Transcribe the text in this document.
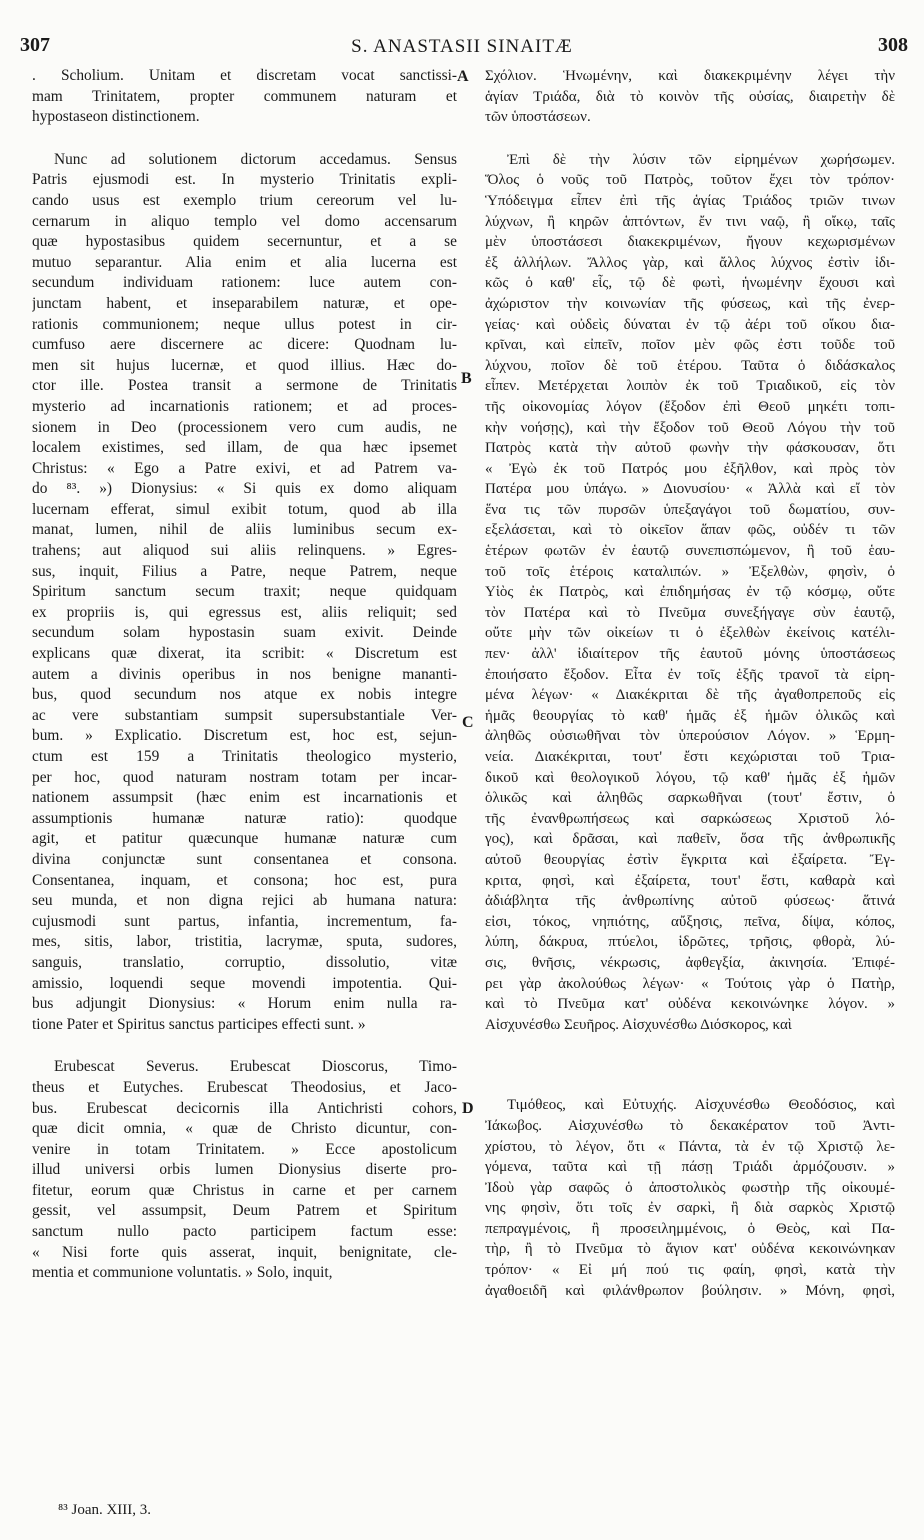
307	S. ANASTASII SINAITÆ	308
A
B
C
D
. Scholium. Unitam et discretam vocat sanctissi-
mam Trinitatem, propter communem naturam et
hypostaseon distinctionem.
Nunc ad solutionem dictorum accedamus. Sensus
Patris ejusmodi est. In mysterio Trinitatis expli-
cando usus est exemplo trium cereorum vel lu-
cernarum in aliquo templo vel domo accensarum
quæ hypostasibus quidem secernuntur, et a se
mutuo separantur. Alia enim et alia lucerna est
secundum individuam rationem: luce autem con-
junctam habent, et inseparabilem naturæ, et ope-
rationis communionem; neque ullus potest in cir-
cumfuso aere discernere ac dicere: Quodnam lu-
men sit hujus lucernæ, et quod illius. Hæc do-
ctor ille. Postea transit a sermone de Trinitatis
mysterio ad incarnationis rationem; et ad proces-
sionem in Deo (processionem vero cum audis, ne
localem existimes, sed illam, de qua hæc ipsemet
Christus: « Ego a Patre exivi, et ad Patrem va-
do ⁸³. ») Dionysius: « Si quis ex domo aliquam
lucernam efferat, simul exibit totum, quod ab illa
manat, lumen, nihil de aliis luminibus secum ex-
trahens; aut aliquod sui aliis relinquens. » Egres-
sus, inquit, Filius a Patre, neque Patrem, neque
Spiritum sanctum secum traxit; neque quidquam
ex propriis is, qui egressus est, aliis reliquit; sed
secundum solam hypostasin suam exivit. Deinde
explicans quæ dixerat, ita scribit: « Discretum est
autem a divinis operibus in nos benigne mananti-
bus, quod secundum nos atque ex nobis integre
ac vere substantiam sumpsit supersubstantiale Ver-
bum. » Explicatio. Discretum est, hoc est, sejun-
ctum est 159 a Trinitatis theologico mysterio,
per hoc, quod naturam nostram totam per incar-
nationem assumpsit (hæc enim est incarnationis et
assumptionis humanæ naturæ ratio): quodque
agit, et patitur quæcunque humanæ naturæ cum
divina conjunctæ sunt consentanea et consona.
Consentanea, inquam, et consona; hoc est, pura
seu munda, et non digna rejici ab humana natura:
cujusmodi sunt partus, infantia, incrementum, fa-
mes, sitis, labor, tristitia, lacrymæ, sputa, sudores,
sanguis, translatio, corruptio, dissolutio, vitæ
amissio, loquendi seque movendi impotentia. Qui-
bus adjungit Dionysius: « Horum enim nulla ra-
tione Pater et Spiritus sanctus participes effecti sunt. »
Erubescat Severus. Erubescat Dioscorus, Timo-
theus et Eutyches. Erubescat Theodosius, et Jaco-
bus. Erubescat decicornis illa Antichristi cohors,
quæ dicit omnia, « quæ de Christo dicuntur, con-
venire in totam Trinitatem. » Ecce apostolicum
illud universi orbis lumen Dionysius diserte pro-
fitetur, eorum quæ Christus in carne et per carnem
gessit, vel assumpsit, Deum Patrem et Spiritum
sanctum nullo pacto participem factum esse:
« Nisi forte quis asserat, inquit, benignitate, cle-
mentia et communione voluntatis. » Solo, inquit,
Σχόλιον. Ἡνωμένην, καὶ διακεκριμένην λέγει τὴν
ἁγίαν Τριάδα, διὰ τὸ κοινὸν τῆς οὐσίας, διαιρετὴν δὲ
τῶν ὑποστάσεων.
Ἐπὶ δὲ τὴν λύσιν τῶν εἰρημένων χωρήσωμεν.
Ὅλος ὁ νοῦς τοῦ Πατρὸς, τοῦτον ἔχει τὸν τρόπον·
Ὑπόδειγμα εἶπεν ἐπὶ τῆς ἁγίας Τριάδος τριῶν τινων
λύχνων, ἢ κηρῶν ἁπτόντων, ἔν τινι ναῷ, ἢ οἴκῳ, ταῖς
μὲν ὑποστάσεσι διακεκριμένων, ἤγουν κεχωρισμένων
ἐξ ἀλλήλων. Ἄλλος γὰρ, καὶ ἄλλος λύχνος ἐστὶν ἰδι-
κῶς ὁ καθ' εἷς, τῷ δὲ φωτὶ, ἡνωμένην ἔχουσι καὶ
ἀχώριστον τὴν κοινωνίαν τῆς φύσεως, καὶ τῆς ἐνερ-
γείας· καὶ οὐδεὶς δύναται ἐν τῷ ἀέρι τοῦ οἴκου δια-
κρῖναι, καὶ εἰπεῖν, ποῖον μὲν φῶς ἐστι τοῦδε τοῦ
λύχνου, ποῖον δὲ τοῦ ἑτέρου. Ταῦτα ὁ διδάσκαλος
εἶπεν. Μετέρχεται λοιπὸν ἐκ τοῦ Τριαδικοῦ, εἰς τὸν
τῆς οἰκονομίας λόγον (ἔξοδον ἐπὶ Θεοῦ μηκέτι τοπι-
κὴν νοήσῃς), καὶ τὴν ἔξοδον τοῦ Θεοῦ Λόγου τὴν τοῦ
Πατρὸς κατὰ τὴν αὐτοῦ φωνὴν τὴν φάσκουσαν, ὅτι
« Ἐγὼ ἐκ τοῦ Πατρός μου ἐξῆλθον, καὶ πρὸς τὸν
Πατέρα μου ὑπάγω. » Διονυσίου· « Ἀλλὰ καὶ εἴ τὸν
ἕνα τις τῶν πυρσῶν ὑπεξαγάγοι τοῦ δωματίου, συν-
εξελάσεται, καὶ τὸ οἰκεῖον ἅπαν φῶς, οὐδέν τι τῶν
ἑτέρων φωτῶν ἐν ἑαυτῷ συνεπισπώμενον, ἢ τοῦ ἑαυ-
τοῦ τοῖς ἑτέροις καταλιπών. » Ἐξελθὼν, φησὶν, ὁ
Υἱὸς ἐκ Πατρὸς, καὶ ἐπιδημήσας ἐν τῷ κόσμῳ, οὔτε
τὸν Πατέρα καὶ τὸ Πνεῦμα συνεξήγαγε σὺν ἑαυτῷ,
οὔτε μὴν τῶν οἰκείων τι ὁ ἐξελθὼν ἐκείνοις κατέλι-
πεν· ἀλλ' ἰδιαίτερον τῆς ἑαυτοῦ μόνης ὑποστάσεως
ἐποιήσατο ἔξοδον. Εἶτα ἐν τοῖς ἑξῆς τρανοῖ τὰ εἰρη-
μένα λέγων· « Διακέκριται δὲ τῆς ἀγαθοπρεποῦς εἰς
ἡμᾶς θεουργίας τὸ καθ' ἡμᾶς ἐξ ἡμῶν ὁλικῶς καὶ
ἀληθῶς οὐσιωθῆναι τὸν ὑπερούσιον Λόγον. » Ἑρμη-
νεία. Διακέκριται, τουτ' ἔστι κεχώρισται τοῦ Τρια-
δικοῦ καὶ θεολογικοῦ λόγου, τῷ καθ' ἡμᾶς ἐξ ἡμῶν
ὁλικῶς καὶ ἀληθῶς σαρκωθῆναι (τουτ' ἔστιν, ὁ
τῆς ἐνανθρωπήσεως καὶ σαρκώσεως Χριστοῦ λό-
γος), καὶ δρᾶσαι, καὶ παθεῖν, ὅσα τῆς ἀνθρωπικῆς
αὐτοῦ θεουργίας ἐστὶν ἔγκριτα καὶ ἐξαίρετα. Ἔγ-
κριτα, φησὶ, καὶ ἐξαίρετα, τουτ' ἔστι, καθαρὰ καὶ
ἀδιάβλητα τῆς ἀνθρωπίνης αὐτοῦ φύσεως· ἅτινά
εἰσι, τόκος, νηπιότης, αὔξησις, πεῖνα, δίψα, κόπος,
λύπη, δάκρυα, πτύελοι, ἱδρῶτες, τρῆσις, φθορὰ, λύ-
σις, θνῆσις, νέκρωσις, ἀφθεγξία, ἀκινησία. Ἐπιφέ-
ρει γὰρ ἀκολούθως λέγων· « Τούτοις γὰρ ὁ Πατὴρ,
καὶ τὸ Πνεῦμα κατ' οὐδένα κεκοινώνηκε λόγον. »
Αἰσχυνέσθω Σευῆρος. Αἰσχυνέσθω Διόσκορος, καὶ
Τιμόθεος, καὶ Εὐτυχής. Αἰσχυνέσθω Θεοδόσιος, καὶ
Ἰάκωβος. Αἰσχυνέσθω τὸ δεκακέρατον τοῦ Ἀντι-
χρίστου, τὸ λέγον, ὅτι « Πάντα, τὰ ἐν τῷ Χριστῷ λε-
γόμενα, ταῦτα καὶ τῇ πάσῃ Τριάδι ἁρμόζουσιν. »
Ἰδοὺ γὰρ σαφῶς ὁ ἀποστολικὸς φωστὴρ τῆς οἰκουμέ-
νης φησὶν, ὅτι τοῖς ἐν σαρκὶ, ἢ διὰ σαρκὸς Χριστῷ
πεπραγμένοις, ἢ προσειλημμένοις, ὁ Θεὸς, καὶ Πα-
τὴρ, ἢ τὸ Πνεῦμα τὸ ἅγιον κατ' οὐδένα κεκοινώνηκαν
τρόπον· « Εἰ μή πού τις φαίη, φησὶ, κατὰ τὴν
ἀγαθοειδῆ καὶ φιλάνθρωπον βούλησιν. » Μόνη, φησὶ,
⁸³ Joan. XIII, 3.
